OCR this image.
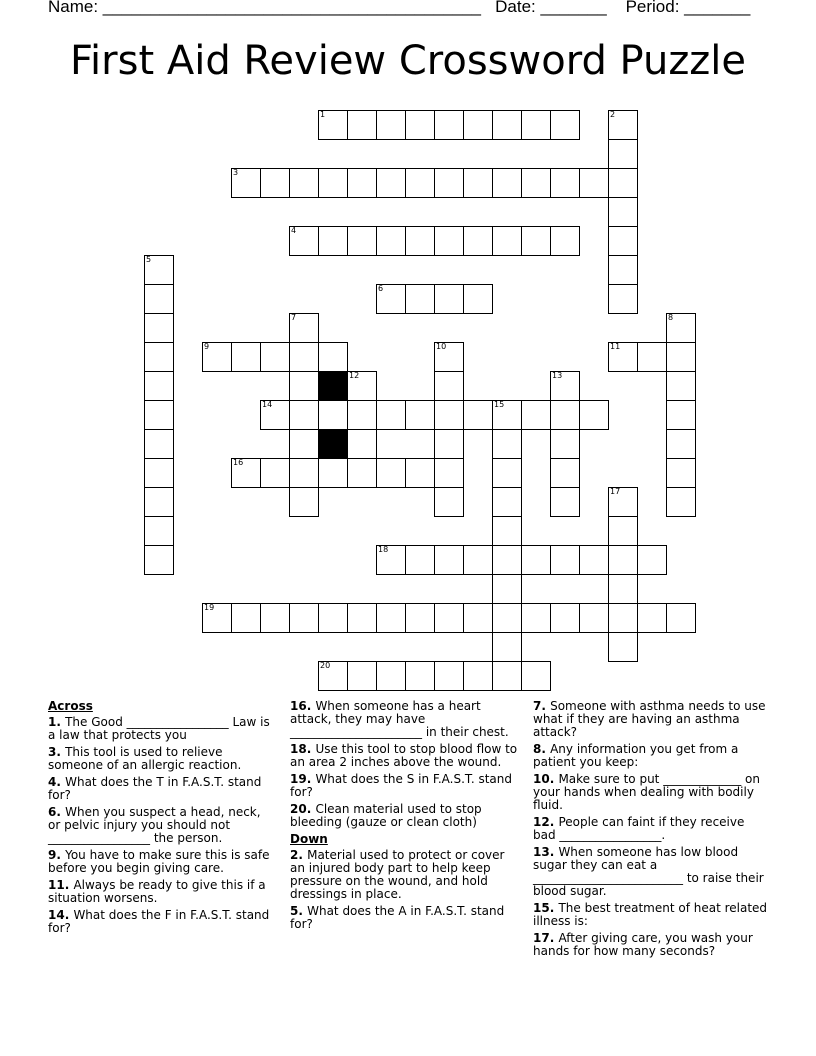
Name: ________________________________________   Date: _______    Period: _______
First Aid Review Crossword Puzzle
1
3
4
6
9	11
14	15
16
18
19
20
2
5
7	8
10
12	13
17
Across
1. The Good _________________ Law is a law that protects you
3. This tool is used to relieve someone of an allergic reaction.
4. What does the T in F.A.S.T. stand for?
6. When you suspect a head, neck, or pelvic injury you should not _________________ the person.
9. You have to make sure this is safe before you begin giving care.
11. Always be ready to give this if a situation worsens.
14. What does the F in F.A.S.T. stand for?
16. When someone has a heart attack, they may have ______________________ in their chest.
18. Use this tool to stop blood flow to an area 2 inches above the wound.
19. What does the S in F.A.S.T. stand for?
20. Clean material used to stop bleeding (gauze or clean cloth)
Down
2. Material used to protect or cover an injured body part to help keep pressure on the wound, and hold dressings in place.
5. What does the A in F.A.S.T. stand for?
7. Someone with asthma needs to use what if they are having an asthma attack?
8. Any information you get from a patient you keep:
10. Make sure to put _____________ on your hands when dealing with bodily fluid.
12. People can faint if they receive bad _________________.
13. When someone has low blood sugar they can eat a _________________________ to raise their blood sugar.
15. The best treatment of heat related illness is:
17. After giving care, you wash your hands for how many seconds?
